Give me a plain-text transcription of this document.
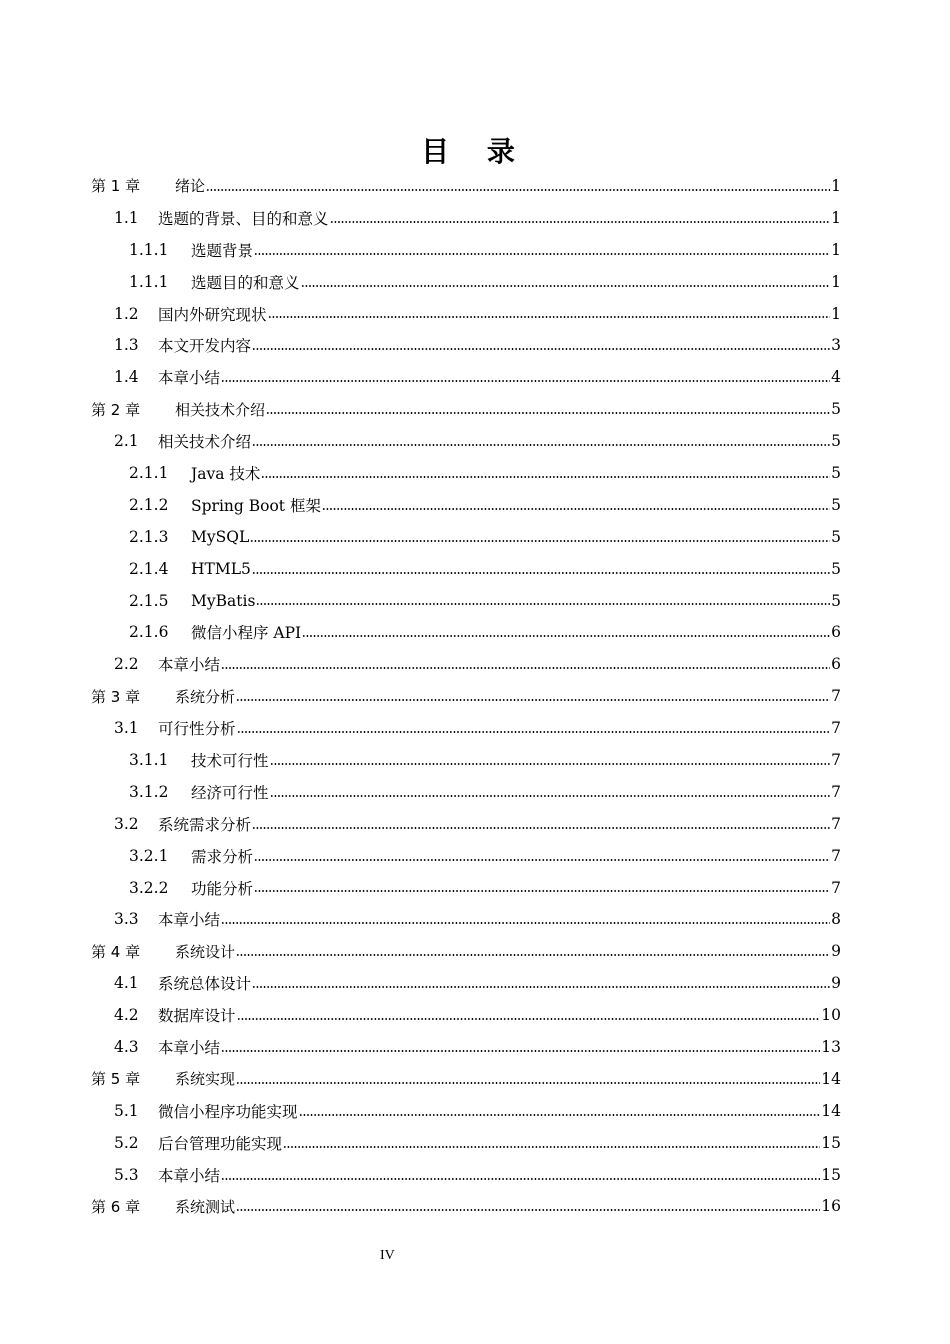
目 录
第 1 章 绪论	1
1.1 选题的背景、目的和意义	1
1.1.1 选题背景	1
1.1.1 选题目的和意义	1
1.2 国内外研究现状	1
1.3 本文开发内容	3
1.4 本章小结	4
第 2 章 相关技术介绍	5
2.1 相关技术介绍	5
2.1.1 Java 技术	5
2.1.2 Spring Boot 框架	5
2.1.3 MySQL	5
2.1.4 HTML5	5
2.1.5 MyBatis	5
2.1.6 微信小程序 API	6
2.2 本章小结	6
第 3 章 系统分析	7
3.1 可行性分析	7
3.1.1 技术可行性	7
3.1.2 经济可行性	7
3.2 系统需求分析	7
3.2.1 需求分析	7
3.2.2 功能分析	7
3.3 本章小结	8
第 4 章 系统设计	9
4.1 系统总体设计	9
4.2 数据库设计	10
4.3 本章小结	13
第 5 章 系统实现	14
5.1 微信小程序功能实现	14
5.2 后台管理功能实现	15
5.3 本章小结	15
第 6 章 系统测试	16
IV
